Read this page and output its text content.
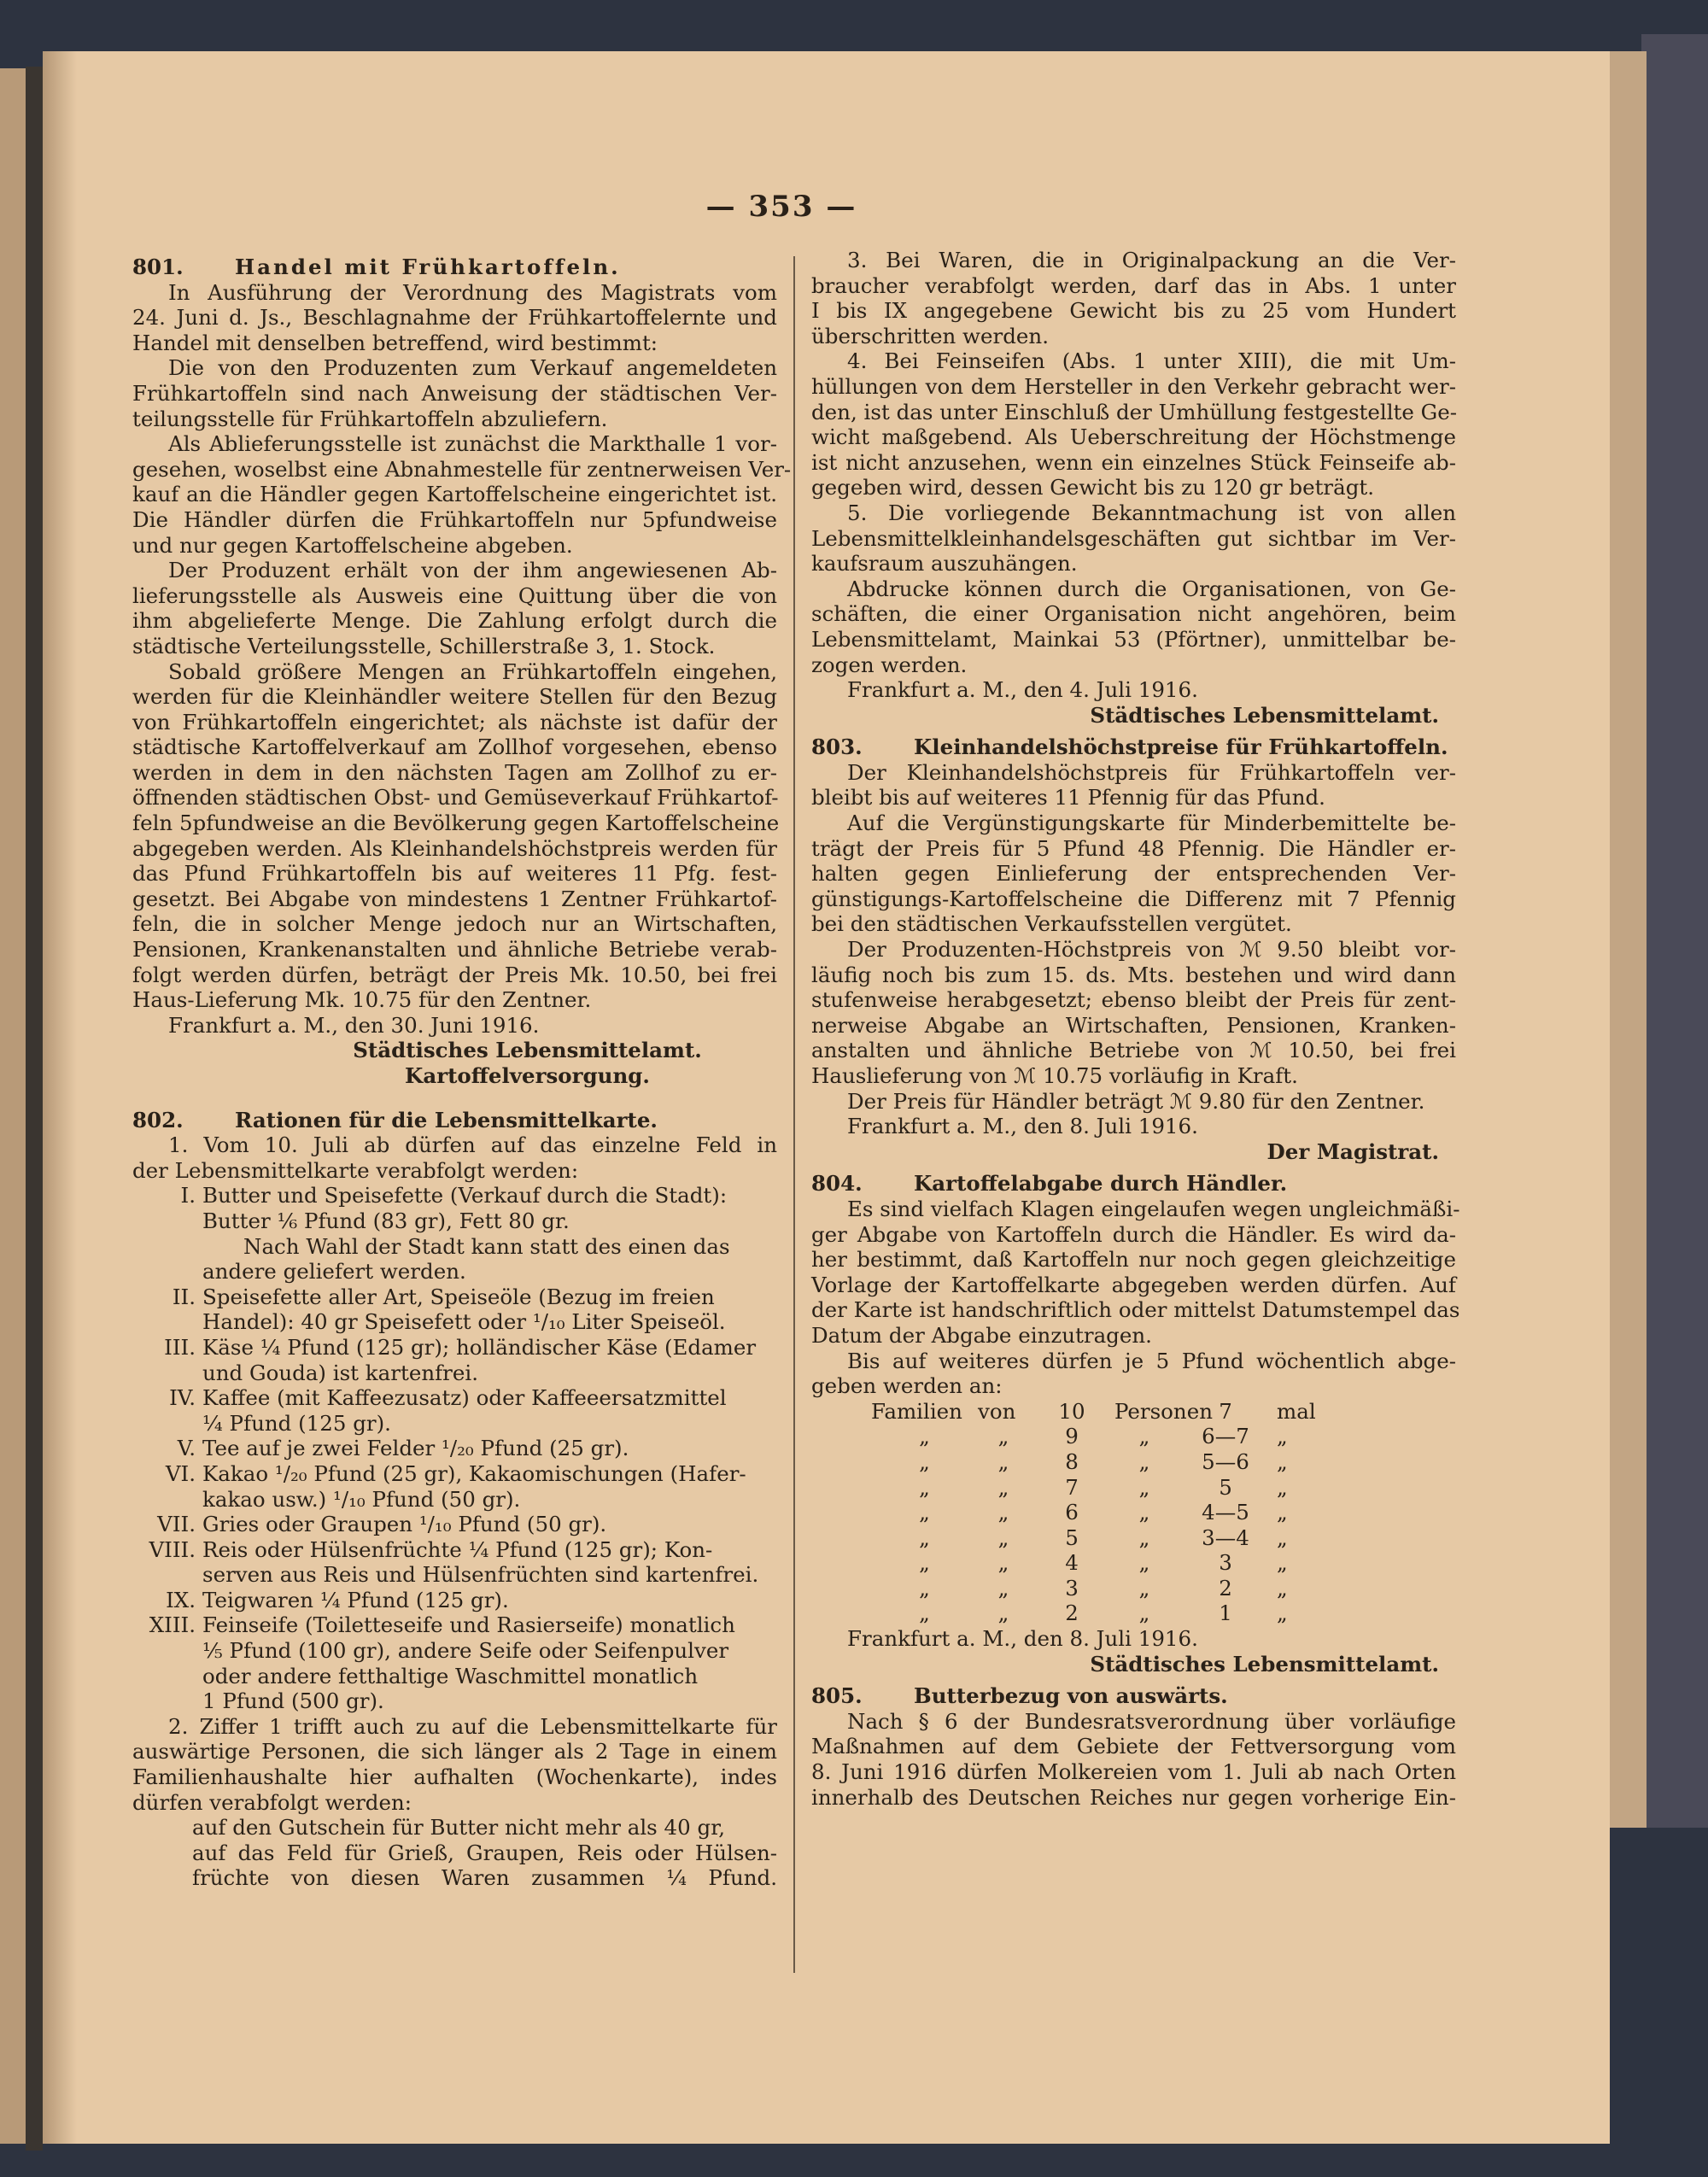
— 353 —
801. Handel mit Frühkartoffeln.
In Ausführung der Verordnung des Magistrats vom
24. Juni d. Js., Beschlagnahme der Frühkartoffelernte und
Handel mit denselben betreffend, wird bestimmt:
Die von den Produzenten zum Verkauf angemeldeten
Frühkartoffeln sind nach Anweisung der städtischen Ver-
teilungsstelle für Frühkartoffeln abzuliefern.
Als Ablieferungsstelle ist zunächst die Markthalle 1 vor-
gesehen, woselbst eine Abnahmestelle für zentnerweisen Ver-
kauf an die Händler gegen Kartoffelscheine eingerichtet ist.
Die Händler dürfen die Frühkartoffeln nur 5pfundweise
und nur gegen Kartoffelscheine abgeben.
Der Produzent erhält von der ihm angewiesenen Ab-
lieferungsstelle als Ausweis eine Quittung über die von
ihm abgelieferte Menge. Die Zahlung erfolgt durch die
städtische Verteilungsstelle, Schillerstraße 3, 1. Stock.
Sobald größere Mengen an Frühkartoffeln eingehen,
werden für die Kleinhändler weitere Stellen für den Bezug
von Frühkartoffeln eingerichtet; als nächste ist dafür der
städtische Kartoffelverkauf am Zollhof vorgesehen, ebenso
werden in dem in den nächsten Tagen am Zollhof zu er-
öffnenden städtischen Obst- und Gemüseverkauf Frühkartof-
feln 5pfundweise an die Bevölkerung gegen Kartoffelscheine
abgegeben werden. Als Kleinhandelshöchstpreis werden für
das Pfund Frühkartoffeln bis auf weiteres 11 Pfg. fest-
gesetzt. Bei Abgabe von mindestens 1 Zentner Frühkartof-
feln, die in solcher Menge jedoch nur an Wirtschaften,
Pensionen, Krankenanstalten und ähnliche Betriebe verab-
folgt werden dürfen, beträgt der Preis Mk. 10.50, bei frei
Haus-Lieferung Mk. 10.75 für den Zentner.
Frankfurt a. M., den 30. Juni 1916.
Städtisches Lebensmittelamt.
Kartoffelversorgung.
802. Rationen für die Lebensmittelkarte.
1. Vom 10. Juli ab dürfen auf das einzelne Feld in
der Lebensmittelkarte verabfolgt werden:
I. Butter und Speisefette (Verkauf durch die Stadt):
Butter ⅙ Pfund (83 gr), Fett 80 gr.
Nach Wahl der Stadt kann statt des einen das
andere geliefert werden.
II. Speisefette aller Art, Speiseöle (Bezug im freien
Handel): 40 gr Speisefett oder ¹/₁₀ Liter Speiseöl.
III. Käse ¼ Pfund (125 gr); holländischer Käse (Edamer
und Gouda) ist kartenfrei.
IV. Kaffee (mit Kaffeezusatz) oder Kaffeeersatzmittel
¼ Pfund (125 gr).
V. Tee auf je zwei Felder ¹/₂₀ Pfund (25 gr).
VI. Kakao ¹/₂₀ Pfund (25 gr), Kakaomischungen (Hafer-
kakao usw.) ¹/₁₀ Pfund (50 gr).
VII. Gries oder Graupen ¹/₁₀ Pfund (50 gr).
VIII. Reis oder Hülsenfrüchte ¼ Pfund (125 gr); Kon-
serven aus Reis und Hülsenfrüchten sind kartenfrei.
IX. Teigwaren ¼ Pfund (125 gr).
XIII. Feinseife (Toiletteseife und Rasierseife) monatlich
⅕ Pfund (100 gr), andere Seife oder Seifenpulver
oder andere fetthaltige Waschmittel monatlich
1 Pfund (500 gr).
2. Ziffer 1 trifft auch zu auf die Lebensmittelkarte für
auswärtige Personen, die sich länger als 2 Tage in einem
Familienhaushalte hier aufhalten (Wochenkarte), indes
dürfen verabfolgt werden:
auf den Gutschein für Butter nicht mehr als 40 gr,
auf das Feld für Grieß, Graupen, Reis oder Hülsen-
früchte von diesen Waren zusammen ¼ Pfund.
3. Bei Waren, die in Originalpackung an die Ver-
braucher verabfolgt werden, darf das in Abs. 1 unter
I bis IX angegebene Gewicht bis zu 25 vom Hundert
überschritten werden.
4. Bei Feinseifen (Abs. 1 unter XIII), die mit Um-
hüllungen von dem Hersteller in den Verkehr gebracht wer-
den, ist das unter Einschluß der Umhüllung festgestellte Ge-
wicht maßgebend. Als Ueberschreitung der Höchstmenge
ist nicht anzusehen, wenn ein einzelnes Stück Feinseife ab-
gegeben wird, dessen Gewicht bis zu 120 gr beträgt.
5. Die vorliegende Bekanntmachung ist von allen
Lebensmittelkleinhandelsgeschäften gut sichtbar im Ver-
kaufsraum auszuhängen.
Abdrucke können durch die Organisationen, von Ge-
schäften, die einer Organisation nicht angehören, beim
Lebensmittelamt, Mainkai 53 (Pförtner), unmittelbar be-
zogen werden.
Frankfurt a. M., den 4. Juli 1916.
Städtisches Lebensmittelamt.
803. Kleinhandelshöchstpreise für Frühkartoffeln.
Der Kleinhandelshöchstpreis für Frühkartoffeln ver-
bleibt bis auf weiteres 11 Pfennig für das Pfund.
Auf die Vergünstigungskarte für Minderbemittelte be-
trägt der Preis für 5 Pfund 48 Pfennig. Die Händler er-
halten gegen Einlieferung der entsprechenden Ver-
günstigungs-Kartoffelscheine die Differenz mit 7 Pfennig
bei den städtischen Verkaufsstellen vergütet.
Der Produzenten-Höchstpreis von ℳ 9.50 bleibt vor-
läufig noch bis zum 15. ds. Mts. bestehen und wird dann
stufenweise herabgesetzt; ebenso bleibt der Preis für zent-
nerweise Abgabe an Wirtschaften, Pensionen, Kranken-
anstalten und ähnliche Betriebe von ℳ 10.50, bei frei
Hauslieferung von ℳ 10.75 vorläufig in Kraft.
Der Preis für Händler beträgt ℳ 9.80 für den Zentner.
Frankfurt a. M., den 8. Juli 1916.
Der Magistrat.
804. Kartoffelabgabe durch Händler.
Es sind vielfach Klagen eingelaufen wegen ungleichmäßi-
ger Abgabe von Kartoffeln durch die Händler. Es wird da-
her bestimmt, daß Kartoffeln nur noch gegen gleichzeitige
Vorlage der Kartoffelkarte abgegeben werden dürfen. Auf
der Karte ist handschriftlich oder mittelst Datumstempel das
Datum der Abgabe einzutragen.
Bis auf weiteres dürfen je 5 Pfund wöchentlich abge-
geben werden an:
Familien von 10 Personen 7 mal
„	„	9	„ 6—7 „
„	„	8	„ 5—6 „
„	„	7	„	5 „
„	„	6	„ 4—5 „
„	„	5	„ 3—4 „
„	„	4	„	3 „
„	„	3	„	2 „
„	„	2	„	1 „
Frankfurt a. M., den 8. Juli 1916.
Städtisches Lebensmittelamt.
805. Butterbezug von auswärts.
Nach § 6 der Bundesratsverordnung über vorläufige
Maßnahmen auf dem Gebiete der Fettversorgung vom
8. Juni 1916 dürfen Molkereien vom 1. Juli ab nach Orten
innerhalb des Deutschen Reiches nur gegen vorherige Ein-
